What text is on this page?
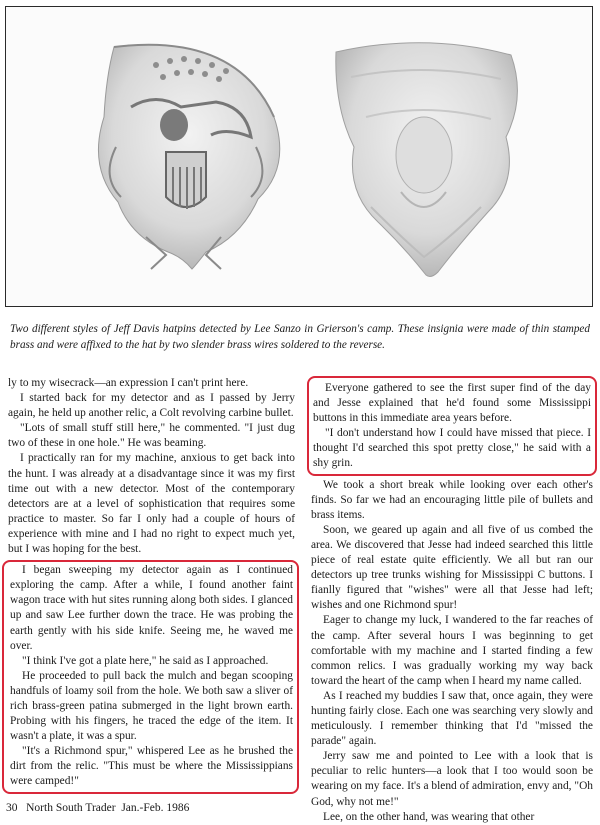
Two different styles of Jeff Davis hatpins detected by Lee Sanzo in Grierson's camp. These insignia were made of thin stamped brass and were affixed to the hat by two slender brass wires soldered to the reverse.

ly to my wisecrack—an expression I can't print here.

I started back for my detector and as I passed by Jerry again, he held up another relic, a Colt revolving carbine bullet.

"Lots of small stuff still here," he commented. "I just dug two of these in one hole." He was beaming.

I practically ran for my machine, anxious to get back into the hunt. I was already at a disadvantage since it was my first time out with a new detector. Most of the contemporary detectors are at a level of sophistication that requires some practice to master. So far I only had a couple of hours of experience with mine and I had no right to expect much yet, but I was hoping for the best.

I began sweeping my detector again as I continued exploring the camp. After a while, I found another faint wagon trace with hut sites running along both sides. I glanced up and saw Lee further down the trace. He was probing the earth gently with his side knife. Seeing me, he waved me over.

"I think I've got a plate here," he said as I approached.

He proceeded to pull back the mulch and began scooping handfuls of loamy soil from the hole. We both saw a sliver of rich brass-green patina submerged in the light brown earth. Probing with his fingers, he traced the edge of the item. It wasn't a plate, it was a spur.

"It's a Richmond spur," whispered Lee as he brushed the dirt from the relic. "This must be where the Mississippians were camped!"

Everyone gathered to see the first super find of the day and Jesse explained that he'd found some Mississippi buttons in this immediate area years before.

"I don't understand how I could have missed that piece. I thought I'd searched this spot pretty close," he said with a shy grin.

We took a short break while looking over each other's finds. So far we had an encouraging little pile of bullets and brass items.

Soon, we geared up again and all five of us combed the area. We discovered that Jesse had indeed searched this little piece of real estate quite efficiently. We all but ran our detectors up tree trunks wishing for Mississippi C buttons. I fianlly figured that "wishes" were all that Jesse had left; wishes and one Richmond spur!

Eager to change my luck, I wandered to the far reaches of the camp. After several hours I was beginning to get comfortable with my machine and I started finding a few common relics. I was gradually working my way back toward the heart of the camp when I heard my name called.

As I reached my buddies I saw that, once again, they were hunting fairly close. Each one was searching very slowly and meticulously. I remember thinking that I'd "missed the parade" again.

Jerry saw me and pointed to Lee with a look that is peculiar to relic hunters—a look that I too would soon be wearing on my face. It's a blend of admiration, envy and, "Oh God, why not me!"

Lee, on the other hand, was wearing that other

30 North South Trader Jan.-Feb. 1986
